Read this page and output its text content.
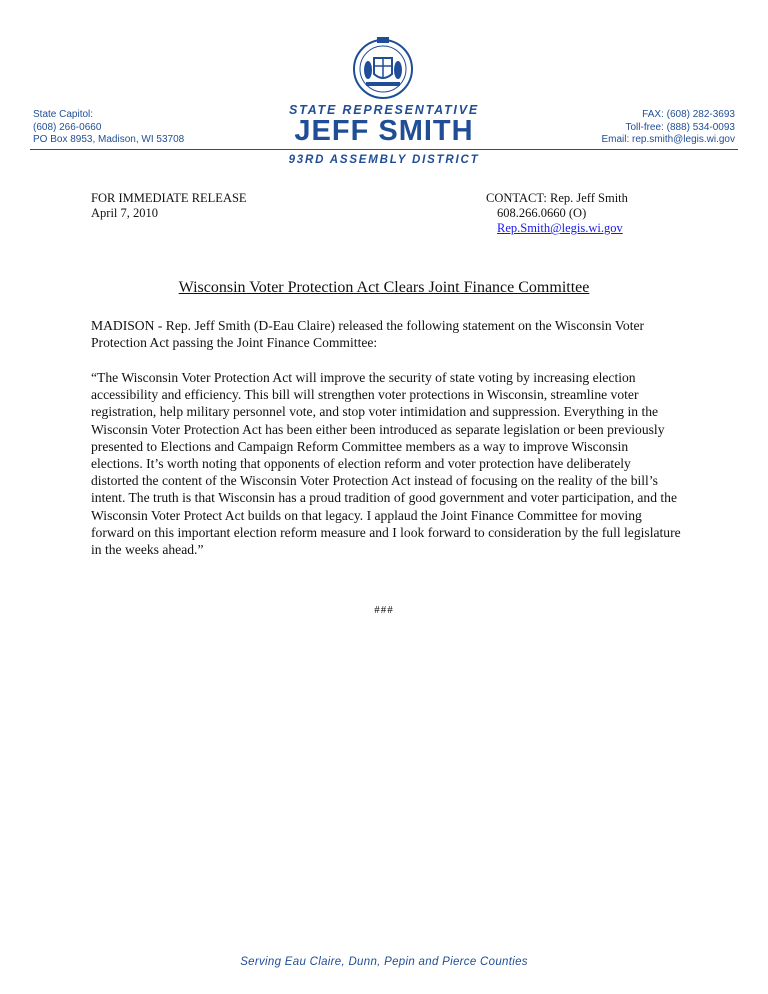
State Capitol:
(608) 266-0660
PO Box 8953, Madison, WI 53708
STATE REPRESENTATIVE
JEFF SMITH
93RD ASSEMBLY DISTRICT
FAX: (608) 282-3693
Toll-free: (888) 534-0093
Email: rep.smith@legis.wi.gov
FOR IMMEDIATE RELEASE
April 7, 2010
CONTACT: Rep. Jeff Smith
608.266.0660 (O)
Rep.Smith@legis.wi.gov
Wisconsin Voter Protection Act Clears Joint Finance Committee
MADISON - Rep. Jeff Smith (D-Eau Claire) released the following statement on the Wisconsin Voter Protection Act passing the Joint Finance Committee:
“The Wisconsin Voter Protection Act will improve the security of state voting by increasing election accessibility and efficiency. This bill will strengthen voter protections in Wisconsin, streamline voter registration, help military personnel vote, and stop voter intimidation and suppression. Everything in the Wisconsin Voter Protection Act has been either been introduced as separate legislation or been previously presented to Elections and Campaign Reform Committee members as a way to improve Wisconsin elections. It’s worth noting that opponents of election reform and voter protection have deliberately distorted the content of the Wisconsin Voter Protection Act instead of focusing on the reality of the bill’s intent. The truth is that Wisconsin has a proud tradition of good government and voter participation, and the Wisconsin Voter Protect Act builds on that legacy. I applaud the Joint Finance Committee for moving forward on this important election reform measure and I look forward to consideration by the full legislature in the weeks ahead.”
###
Serving Eau Claire, Dunn, Pepin and Pierce Counties
